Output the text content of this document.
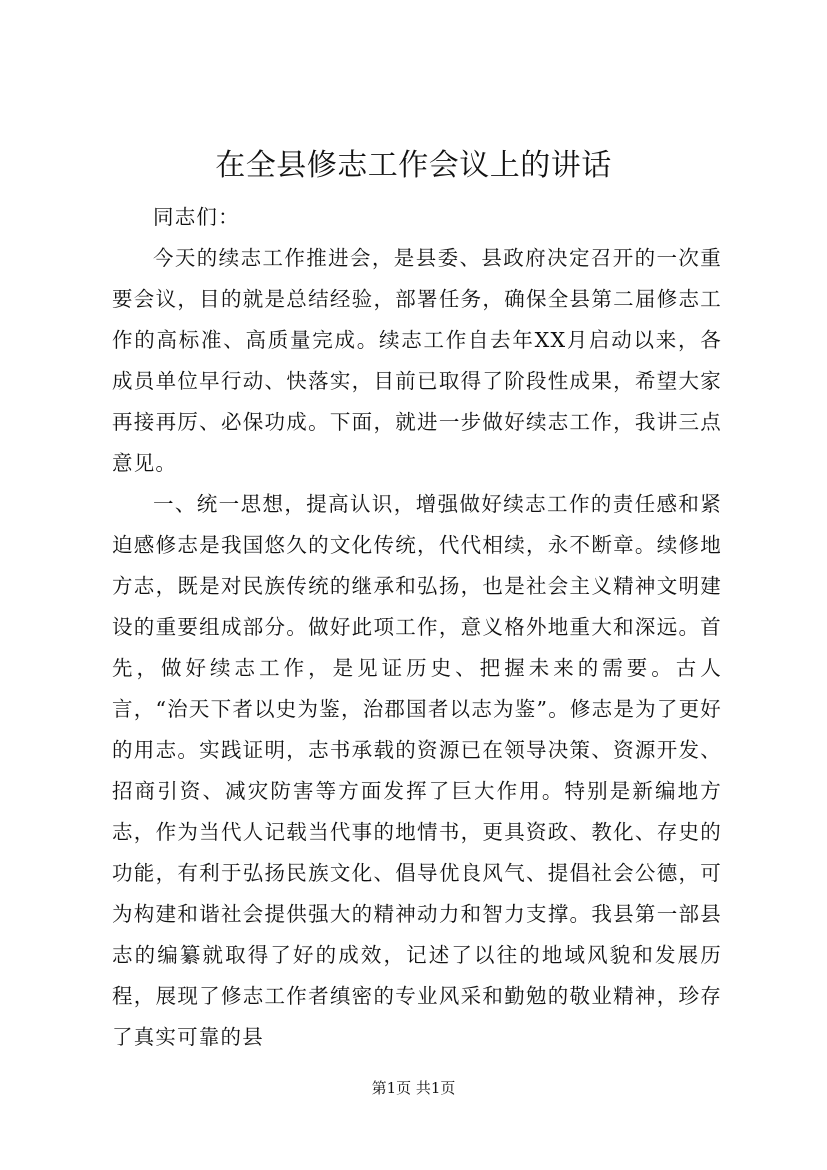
在全县修志工作会议上的讲话

同志们：

今天的续志工作推进会，是县委、县政府决定召开的一次重要会议，目的就是总结经验，部署任务，确保全县第二届修志工作的高标准、高质量完成。续志工作自去年XX月启动以来，各成员单位早行动、快落实，目前已取得了阶段性成果，希望大家再接再厉、必保功成。下面，就进一步做好续志工作，我讲三点意见。

一、统一思想，提高认识，增强做好续志工作的责任感和紧迫感修志是我国悠久的文化传统，代代相续，永不断章。续修地方志，既是对民族传统的继承和弘扬，也是社会主义精神文明建设的重要组成部分。做好此项工作，意义格外地重大和深远。首先，做好续志工作，是见证历史、把握未来的需要。古人言，“治天下者以史为鉴，治郡国者以志为鉴”。修志是为了更好的用志。实践证明，志书承载的资源已在领导决策、资源开发、招商引资、减灾防害等方面发挥了巨大作用。特别是新编地方志，作为当代人记载当代事的地情书，更具资政、教化、存史的功能，有利于弘扬民族文化、倡导优良风气、提倡社会公德，可为构建和谐社会提供强大的精神动力和智力支撑。我县第一部县志的编纂就取得了好的成效，记述了以往的地域风貌和发展历程，展现了修志工作者缜密的专业风采和勤勉的敬业精神，珍存了真实可靠的县

第1页 共1页
